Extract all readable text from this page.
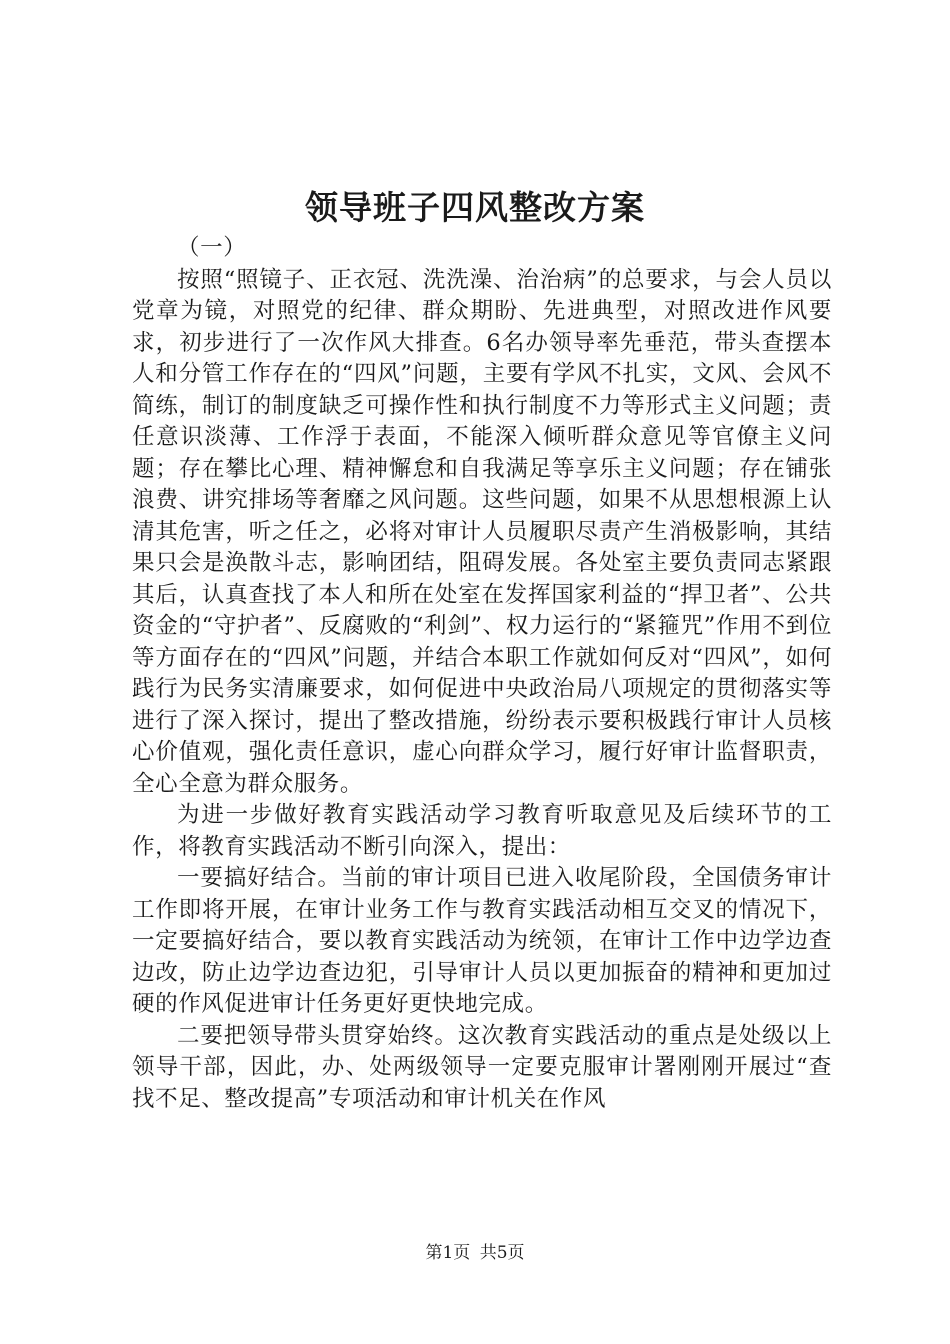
领导班子四风整改方案

（一）

按照“照镜子、正衣冠、洗洗澡、治治病”的总要求，与会人员以党章为镜，对照党的纪律、群众期盼、先进典型，对照改进作风要求，初步进行了一次作风大排查。6名办领导率先垂范，带头查摆本人和分管工作存在的“四风”问题，主要有学风不扎实，文风、会风不简练，制订的制度缺乏可操作性和执行制度不力等形式主义问题；责任意识淡薄、工作浮于表面，不能深入倾听群众意见等官僚主义问题；存在攀比心理、精神懈怠和自我满足等享乐主义问题；存在铺张浪费、讲究排场等奢靡之风问题。这些问题，如果不从思想根源上认清其危害，听之任之，必将对审计人员履职尽责产生消极影响，其结果只会是涣散斗志，影响团结，阻碍发展。各处室主要负责同志紧跟其后，认真查找了本人和所在处室在发挥国家利益的“捍卫者”、公共资金的“守护者”、反腐败的“利剑”、权力运行的“紧箍咒”作用不到位等方面存在的“四风”问题，并结合本职工作就如何反对“四风”，如何践行为民务实清廉要求，如何促进中央政治局八项规定的贯彻落实等进行了深入探讨，提出了整改措施，纷纷表示要积极践行审计人员核心价值观，强化责任意识，虚心向群众学习，履行好审计监督职责，全心全意为群众服务。

为进一步做好教育实践活动学习教育听取意见及后续环节的工作，将教育实践活动不断引向深入，提出：

一要搞好结合。当前的审计项目已进入收尾阶段，全国债务审计工作即将开展，在审计业务工作与教育实践活动相互交叉的情况下，一定要搞好结合，要以教育实践活动为统领，在审计工作中边学边查边改，防止边学边查边犯，引导审计人员以更加振奋的精神和更加过硬的作风促进审计任务更好更快地完成。

二要把领导带头贯穿始终。这次教育实践活动的重点是处级以上领导干部，因此，办、处两级领导一定要克服审计署刚刚开展过“查找不足、整改提高”专项活动和审计机关在作风

第1页 共5页
